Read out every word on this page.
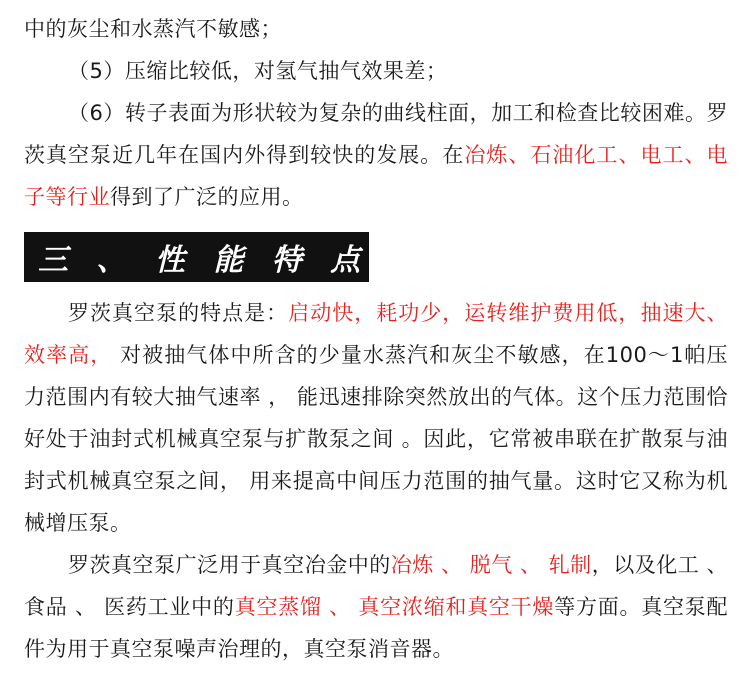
中的灰尘和水蒸汽不敏感；

（5）压缩比较低，对氢气抽气效果差；

（6）转子表面为形状较为复杂的曲线柱面，加工和检查比较困难。罗茨真空泵近几年在国内外得到较快的发展。在冶炼、石油化工、电工、电子等行业得到了广泛的应用。

三 、 性 能 特 点

罗茨真空泵的特点是：启动快，耗功少，运转维护费用低，抽速大、效率高， 对被抽气体中所含的少量水蒸汽和灰尘不敏感，在100～1帕压力范围内有较大抽气速率 ， 能迅速排除突然放出的气体。这个压力范围恰好处于油封式机械真空泵与扩散泵之间 。因此，它常被串联在扩散泵与油封式机械真空泵之间， 用来提高中间压力范围的抽气量。这时它又称为机械增压泵。

罗茨真空泵广泛用于真空冶金中的冶炼 、 脱气 、 轧制，以及化工 、 食品 、 医药工业中的真空蒸馏 、 真空浓缩和真空干燥等方面。真空泵配件为用于真空泵噪声治理的，真空泵消音器。
